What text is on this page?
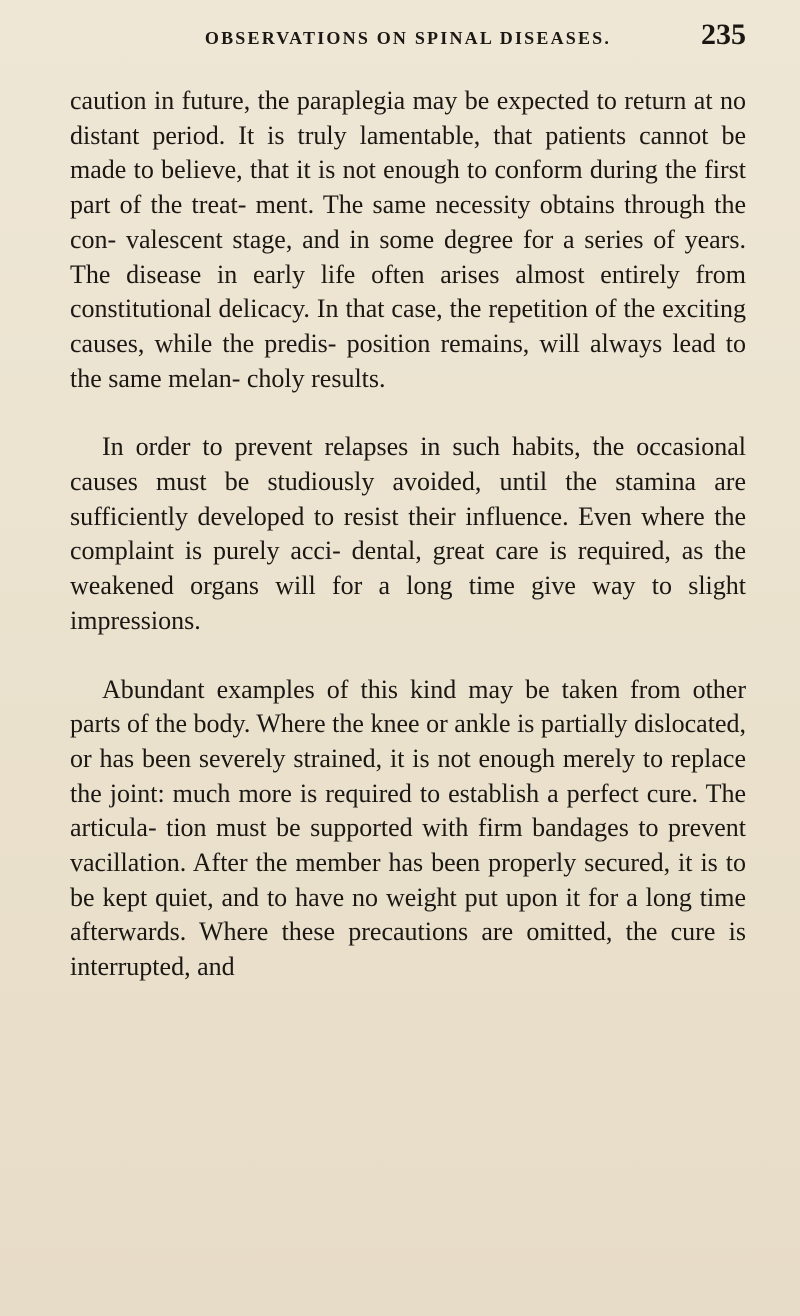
OBSERVATIONS ON SPINAL DISEASES.	235

caution in future, the paraplegia may be expected to return at no distant period. It is truly lamentable, that patients cannot be made to believe, that it is not enough to conform during the first part of the treat- ment. The same necessity obtains through the con- valescent stage, and in some degree for a series of years. The disease in early life often arises almost entirely from constitutional delicacy. In that case, the repetition of the exciting causes, while the predis- position remains, will always lead to the same melan- choly results.

In order to prevent relapses in such habits, the occasional causes must be studiously avoided, until the stamina are sufficiently developed to resist their influence. Even where the complaint is purely acci- dental, great care is required, as the weakened organs will for a long time give way to slight impressions.

Abundant examples of this kind may be taken from other parts of the body. Where the knee or ankle is partially dislocated, or has been severely strained, it is not enough merely to replace the joint: much more is required to establish a perfect cure. The articula- tion must be supported with firm bandages to prevent vacillation. After the member has been properly secured, it is to be kept quiet, and to have no weight put upon it for a long time afterwards. Where these precautions are omitted, the cure is interrupted, and
